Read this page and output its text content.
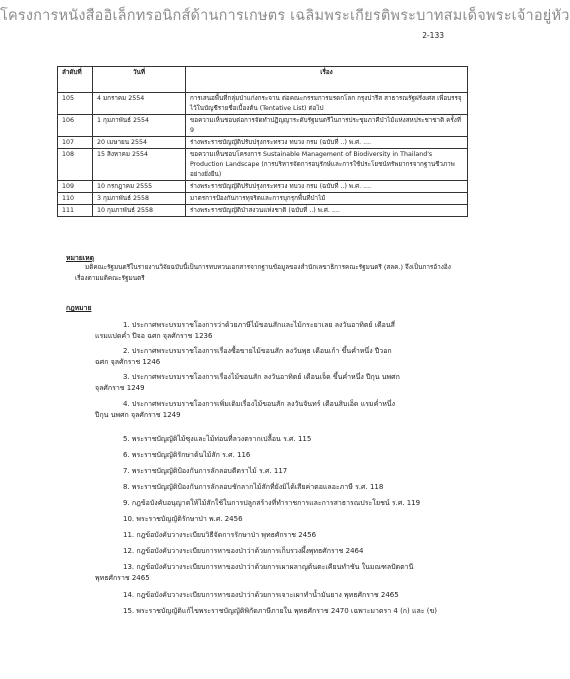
โครงการหนังสืออิเล็กทรอนิกส์ด้านการเกษตร เฉลิมพระเกียรติพระบาทสมเด็จพระเจ้าอยู่หัว
2-133
ลำดับที่	วันที่	เรื่อง
105	4 มกราคม 2554	การเสนอพื้นที่กลุ่มป่าแก่งกระจาน ต่อคณะกรรมการมรดกโลก กรุงปารีส สาธารณรัฐฝรั่งเศส เพื่อบรรจุไว้ในบัญชีรายชื่อเบื้องต้น (Tentative List) ต่อไป
106	1 กุมภาพันธ์ 2554	ขอความเห็นชอบต่อการจัดทำปฏิญญาระดับรัฐมนตรีในการประชุมภาคีป่าไม้แห่งสหประชาชาติ ครั้งที่ 9
107	20 เมษายน 2554	ร่างพระราชบัญญัติปรับปรุงกระทรวง ทบวง กรม (ฉบับที่ ..) พ.ศ. ....
108	15 สิงหาคม 2554	ขอความเห็นชอบโครงการ Sustainable Management of Biodiversity in Thailand's Production Landscape (การบริหารจัดการอนุรักษ์และการใช้ประโยชน์ทรัพยากรจากฐานชีวภาพอย่างยั่งยืน)
109	10 กรกฎาคม 2555	ร่างพระราชบัญญัติปรับปรุงกระทรวง ทบวง กรม (ฉบับที่ ..) พ.ศ. ....
110	3 กุมภาพันธ์ 2558	มาตรการป้องกันการทุจริตและการบุกรุกพื้นที่ป่าไม้
111	10 กุมภาพันธ์ 2558	ร่างพระราชบัญญัติป่าสงวนแห่งชาติ (ฉบับที่ ..) พ.ศ. ....
หมายเหตุ
มติคณะรัฐมนตรีในรายงานวิจัยฉบับนี้เป็นการทบทวนเอกสารจากฐานข้อมูลของสำนักเลขาธิการคณะรัฐมนตรี (สลค.) จึงเป็นการอ้างอิงเรื่องตามมติคณะรัฐมนตรี
กฎหมาย
1. ประกาศพระบรมราชโองการว่าด้วยภาษีไม้ขอนสักและไม้กระยาเลย ลงวันอาทิตย์ เดือนสี่
แรมแปดค่ำ ปีจอ ฉศก จุลศักราช 1236
2. ประกาศพระบรมราชโองการเรื่องซื้อขายไม้ขอนสัก ลงวันพุธ เดือนเก้า ขึ้นค่ำหนึ่ง ปีวอก
ฉศก จุลศักราช 1246
3. ประกาศพระบรมราชโองการเรื่องไม้ขอนสัก ลงวันอาทิตย์ เดือนเจ็ด ขึ้นค่ำหนึ่ง ปีกุน นพศก
จุลศักราช 1249
4. ประกาศพระบรมราชโองการเพิ่มเติมเรื่องไม้ขอนสัก ลงวันจันทร์ เดือนสิบเอ็ด แรมค่ำหนึ่ง
ปีกุน นพศก จุลศักราช 1249
5. พระราชบัญญัติไม้ซุงและไม้ท่อนที่ลวงตรากเปลื้อน ร.ศ. 115
6. พระราชบัญญัติรักษาต้นไม้สัก ร.ศ. 116
7. พระราชบัญญัติป้องกันการลักลอบตีตราไม้ ร.ศ. 117
8. พระราชบัญญัติป้องกันการลักลอบชักลากไม้สักที่ยังมิได้เสียค่าตอแลอะภาษี ร.ศ. 118
9. กฎข้อบังคับอนุญาตให้ไม้สักใช้ในการปลูกสร้างที่ทำราชการและการสาธารณประโยชน์ ร.ศ. 119
10. พระราชบัญญัติรักษาป่า พ.ศ. 2456
11. กฎข้อบังคับวางระเบียบวิธีจัดการรักษาป่า พุทธศักราช 2456
12. กฎข้อบังคับวางระเบียบการหาของป่าว่าด้วยการเก็บรวงผึ้งพุทธศักราช 2464
13. กฎข้อบังคับวางระเบียบการหาของป่าว่าด้วยการเผาผลาญต้นตะเคียนทำชัน ในมณฑลปัตตานี
พุทธศักราช 2465
14. กฎข้อบังคับวางระเบียบการหาของป่าว่าด้วยการเจาะเผาทำน้ำมันยาง พุทธศักราช 2465
15. พระราชบัญญัติแก้ไขพระราชบัญญัติพิกัดภาษีภายใน พุทธศักราช 2470 เฉพาะมาตรา 4 (ก) และ (ข)
